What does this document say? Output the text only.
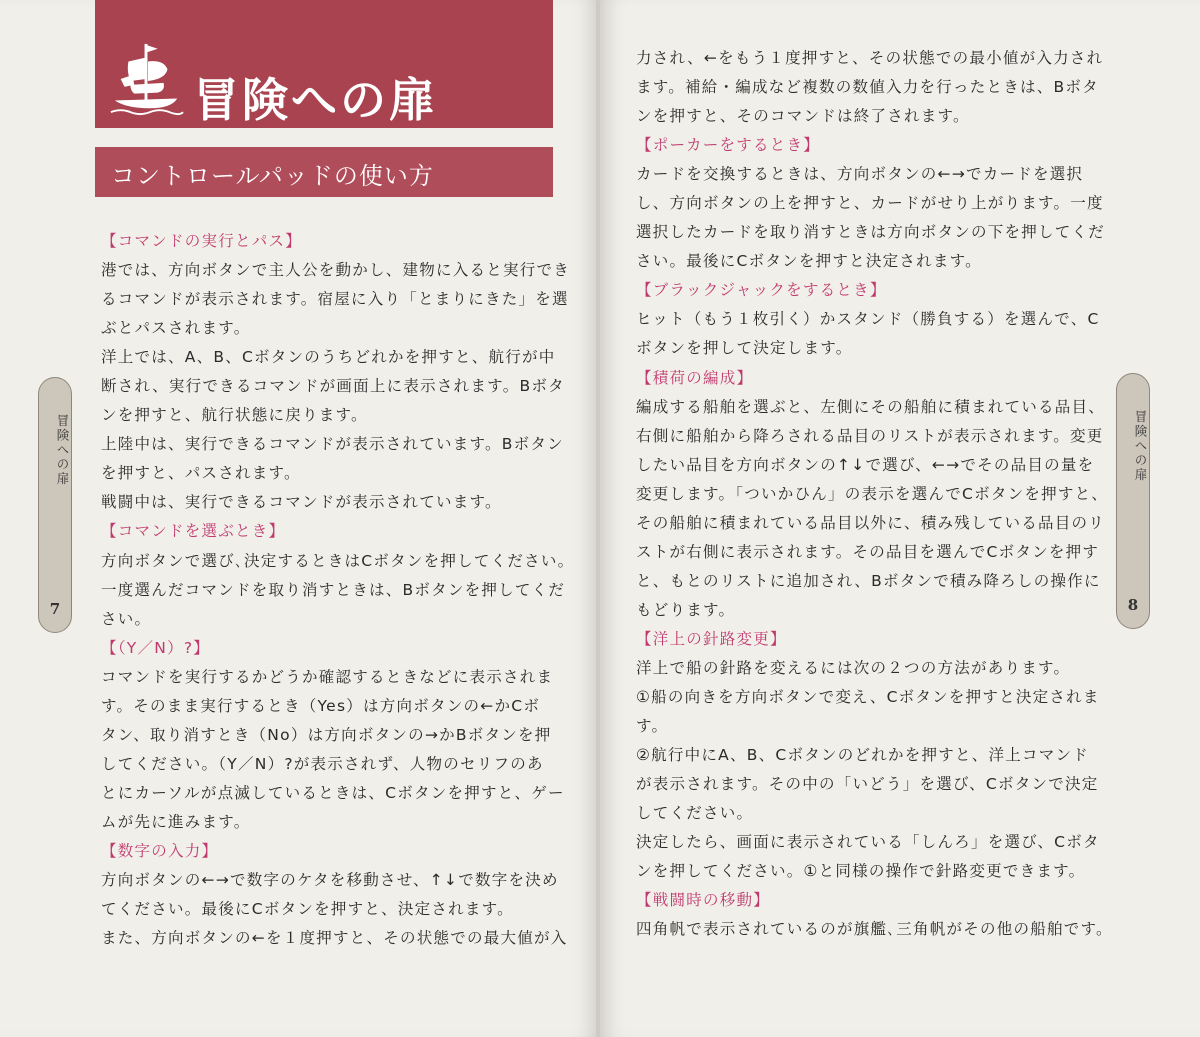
冒険への扉
コントロールパッドの使い方
【コマンドの実行とパス】
港では、方向ボタンで主人公を動かし、建物に入ると実行でき
るコマンドが表示されます。宿屋に入り「とまりにきた」を選
ぶとパスされます。
洋上では、A、B、Cボタンのうちどれかを押すと、航行が中
断され、実行できるコマンドが画面上に表示されます。Bボタ
ンを押すと、航行状態に戻ります。
上陸中は、実行できるコマンドが表示されています。Bボタン
を押すと、パスされます。
戦闘中は、実行できるコマンドが表示されています。
【コマンドを選ぶとき】
方向ボタンで選び､決定するときはCボタンを押してください。
一度選んだコマンドを取り消すときは、Bボタンを押してくだ
さい。
【（Y／N）?】
コマンドを実行するかどうか確認するときなどに表示されま
す。そのまま実行するとき（Yes）は方向ボタンの←かCボ
タン、取り消すとき（No）は方向ボタンの→かBボタンを押
してください。（Y／N）?が表示されず、人物のセリフのあ
とにカーソルが点滅しているときは、Cボタンを押すと、ゲー
ムが先に進みます。
【数字の入力】
方向ボタンの←→で数字のケタを移動させ、↑↓で数字を決め
てください。最後にCボタンを押すと、決定されます。
また、方向ボタンの←を１度押すと、その状態での最大値が入
冒険への扉
7
力され、←をもう１度押すと、その状態での最小値が入力され
ます。補給・編成など複数の数値入力を行ったときは、Bボタ
ンを押すと、そのコマンドは終了されます。
【ポーカーをするとき】
カードを交換するときは、方向ボタンの←→でカードを選択
し、方向ボタンの上を押すと、カードがせり上がります。一度
選択したカードを取り消すときは方向ボタンの下を押してくだ
さい。最後にCボタンを押すと決定されます。
【ブラックジャックをするとき】
ヒット（もう１枚引く）かスタンド（勝負する）を選んで、C
ボタンを押して決定します。
【積荷の編成】
編成する船舶を選ぶと、左側にその船舶に積まれている品目、
右側に船舶から降ろされる品目のリストが表示されます。変更
したい品目を方向ボタンの↑↓で選び、←→でその品目の量を
変更します。「ついかひん」の表示を選んでCボタンを押すと、
その船舶に積まれている品目以外に、積み残している品目のリ
ストが右側に表示されます。その品目を選んでCボタンを押す
と、もとのリストに追加され、Bボタンで積み降ろしの操作に
もどります。
【洋上の針路変更】
洋上で船の針路を変えるには次の２つの方法があります。
①船の向きを方向ボタンで変え、Cボタンを押すと決定されま
す。
②航行中にA、B、Cボタンのどれかを押すと、洋上コマンド
が表示されます。その中の「いどう」を選び、Cボタンで決定
してください。
決定したら、画面に表示されている「しんろ」を選び、Cボタ
ンを押してください。①と同様の操作で針路変更できます。
【戦闘時の移動】
四角帆で表示されているのが旗艦､三角帆がその他の船舶です。
冒険への扉
8
